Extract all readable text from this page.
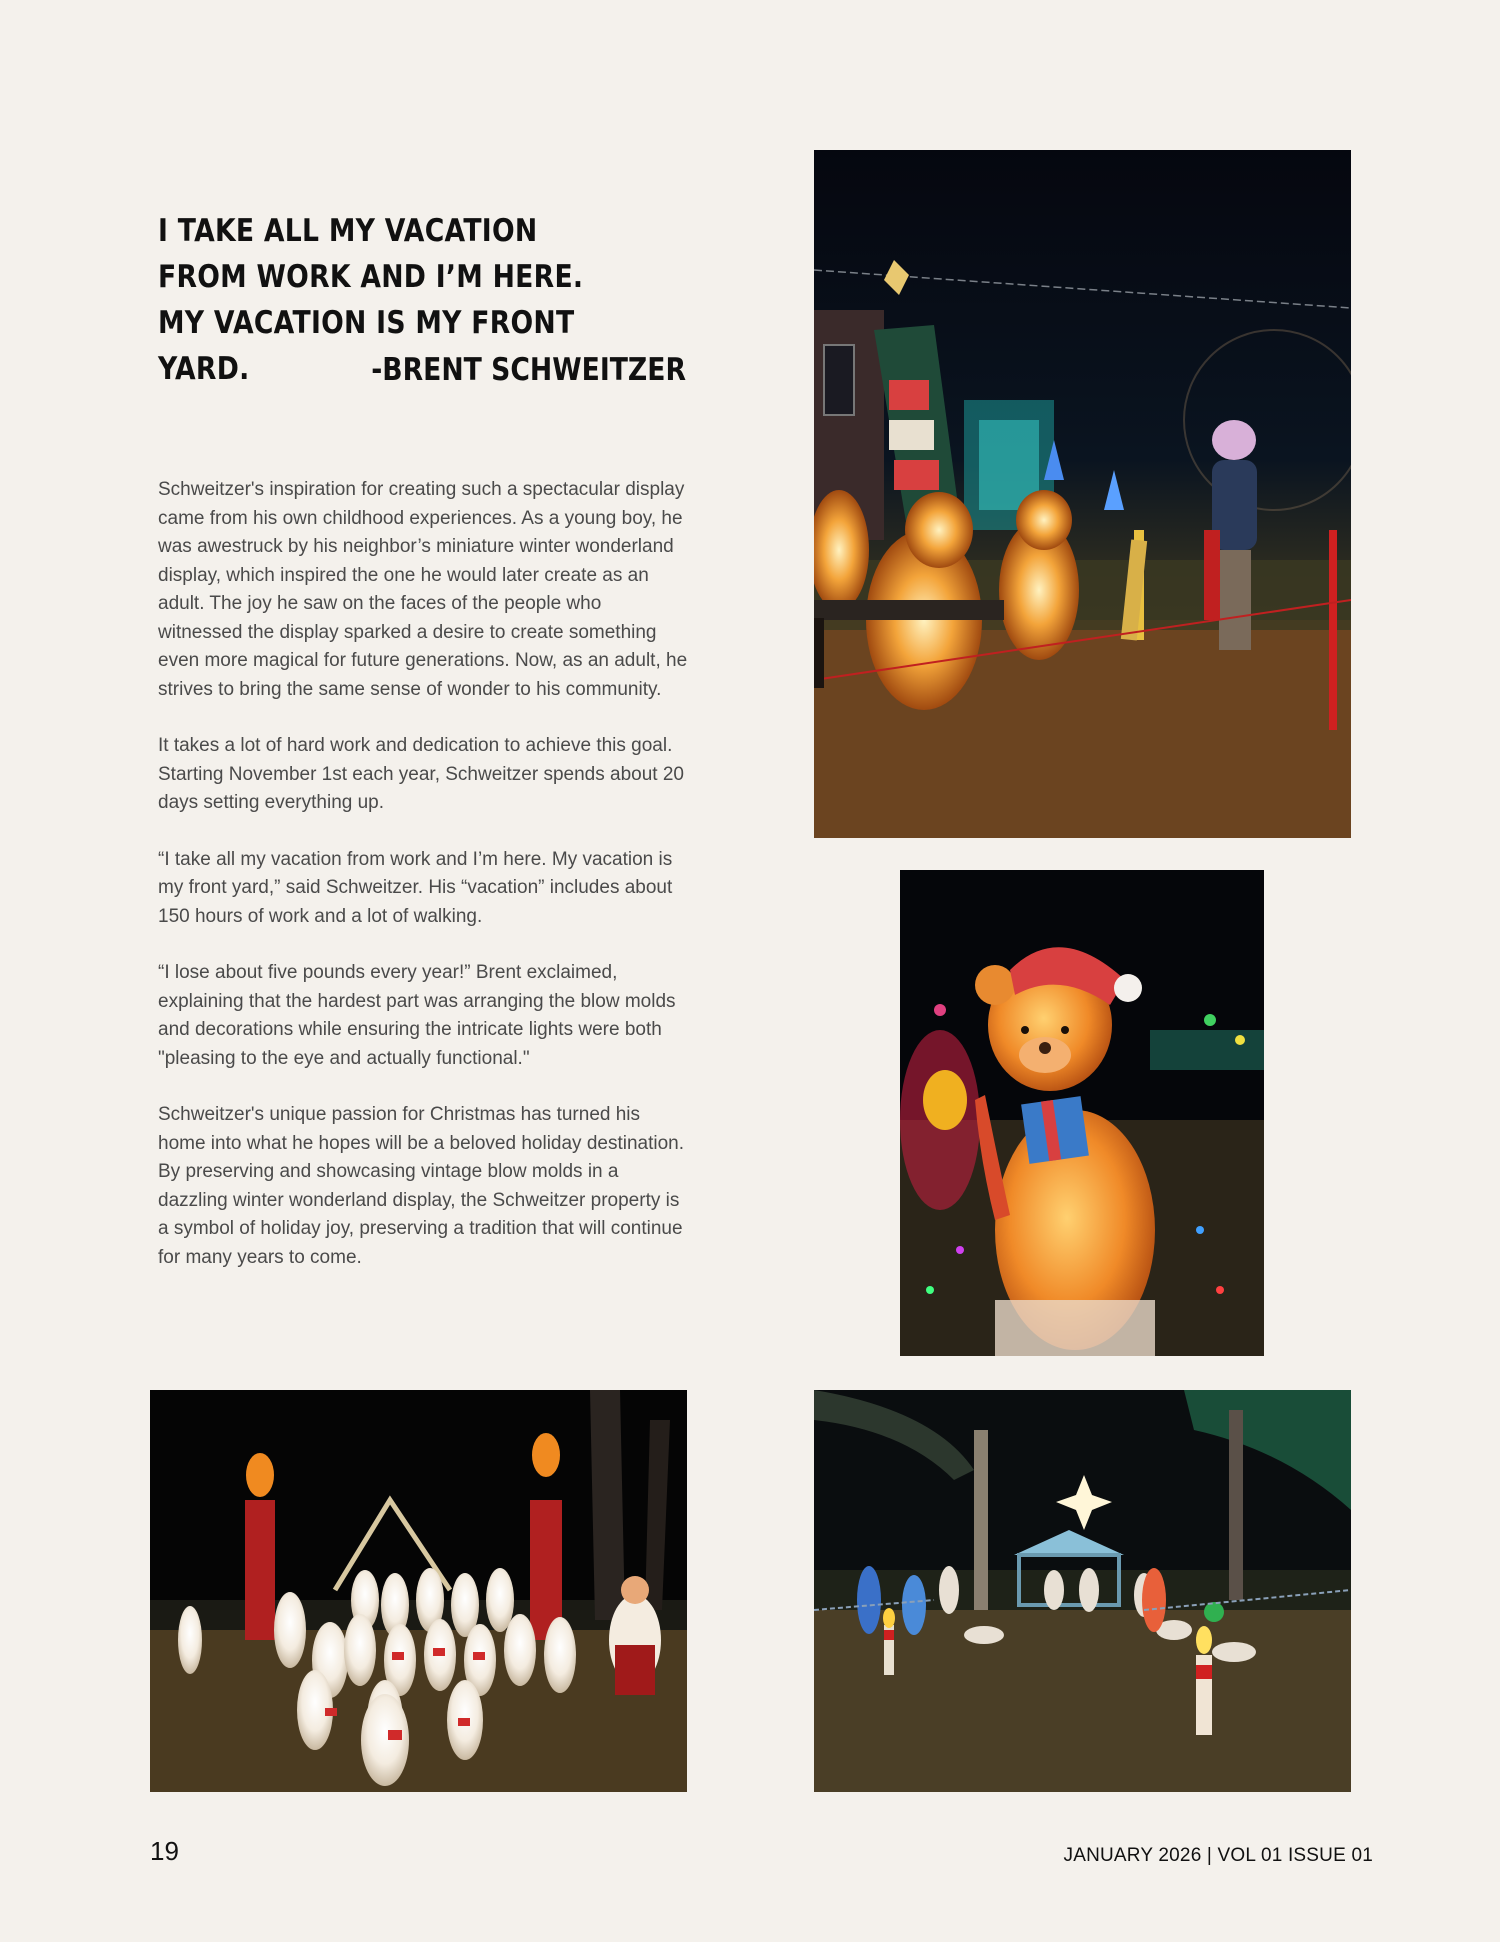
I TAKE ALL MY VACATION FROM WORK AND I’M HERE. MY VACATION IS MY FRONT YARD.	-BRENT SCHWEITZER

Schweitzer's inspiration for creating such a spectacular display came from his own childhood experiences. As a young boy, he was awestruck by his neighbor’s miniature winter wonderland display, which inspired the one he would later create as an adult. The joy he saw on the faces of the people who witnessed the display sparked a desire to create something even more magical for future generations. Now, as an adult, he strives to bring the same sense of wonder to his community.

It takes a lot of hard work and dedication to achieve this goal. Starting November 1st each year, Schweitzer spends about 20 days setting everything up.

“I take all my vacation from work and I’m here. My vacation is my front yard,” said Schweitzer. His “vacation” includes about 150 hours of work and a lot of walking.

“I lose about five pounds every year!” Brent exclaimed, explaining that the hardest part was arranging the blow molds and decorations while ensuring the intricate lights were both "pleasing to the eye and actually functional."

Schweitzer's unique passion for Christmas has turned his home into what he hopes will be a beloved holiday destination. By preserving and showcasing vintage blow molds in a dazzling winter wonderland display, the Schweitzer property is a symbol of holiday joy, preserving a tradition that will continue for many years to come.

19	JANUARY 2026 | VOL 01 ISSUE 01
